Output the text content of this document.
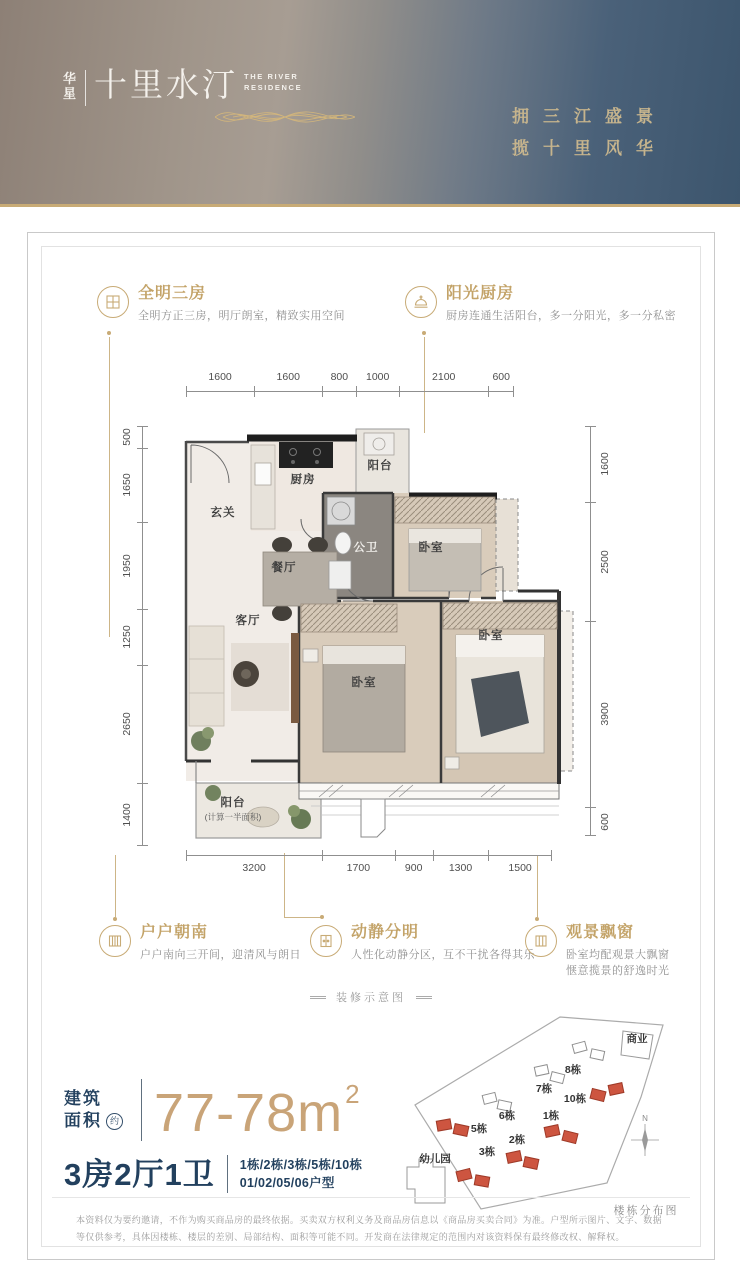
华
星 十里水汀 THE RIVER
RESIDENCE
拥三江盛景
揽十里风华
全明三房
全明方正三房，明厅朗室，精致实用空间
阳光厨房
厨房连通生活阳台，多一分阳光，多一分私密
1600	1600	800	1000	2100	600
500
1650
1950
1250
2650
1400
1600
2500
3900
600
3200	1700	900	1300	1500
玄关
厨房
阳台
公卫	卧室
餐厅
客厅
卧室
卧室
阳台
(计算一半面积)
户户朝南
户户南向三开间，迎清风与朗日
动静分明
人性化动静分区，互不干扰各得其乐
观景飘窗
卧室均配观景大飘窗
惬意揽景的舒逸时光
装修示意图
建筑
面积 约 $77-78m^2$
3房2厅1卫 1栋/2栋/3栋/5栋/10栋
01/02/05/06户型
商业
8栋
7栋
10栋
6栋	1栋
5栋
2栋
3栋
幼儿园
N
楼栋分布图
本资料仅为要约邀请，不作为购买商品房的最终依据。买卖双方权利义务及商品房信息以《商品房买卖合同》为准。户型所示图片、文字、数据等仅供参考，具体因楼栋、楼层的差别、局部结构、面积等可能不同。开发商在法律规定的范围内对该资料保有最终修改权、解释权。
